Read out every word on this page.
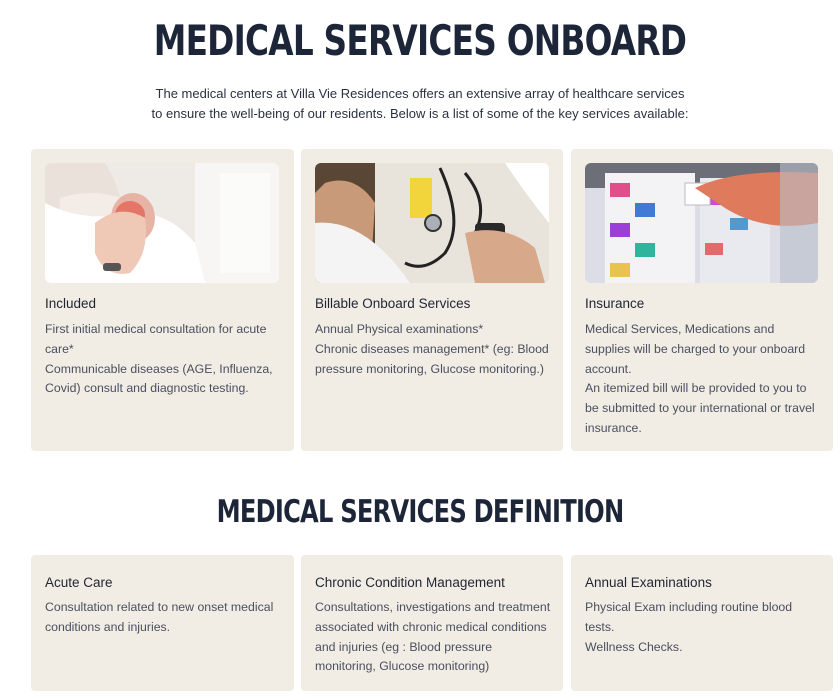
MEDICAL SERVICES ONBOARD
The medical centers at Villa Vie Residences offers an extensive array of healthcare services to ensure the well-being of our residents. Below is a list of some of the key services available:
Included

First initial medical consultation for acute care*
Communicable diseases (AGE, Influenza, Covid) consult and diagnostic testing.

Billable Onboard Services

Annual Physical examinations*
Chronic diseases management* (eg: Blood pressure monitoring, Glucose monitoring.)

Insurance

Medical Services, Medications and supplies will be charged to your onboard account.
An itemized bill will be provided to you to be submitted to your international or travel insurance.

MEDICAL SERVICES DEFINITION
Acute Care

Consultation related to new onset medical conditions and injuries.

Chronic Condition Management

Consultations, investigations and treatment associated with chronic medical conditions and injuries (eg : Blood pressure monitoring, Glucose monitoring)

Annual Examinations

Physical Exam including routine blood tests.
Wellness Checks.
